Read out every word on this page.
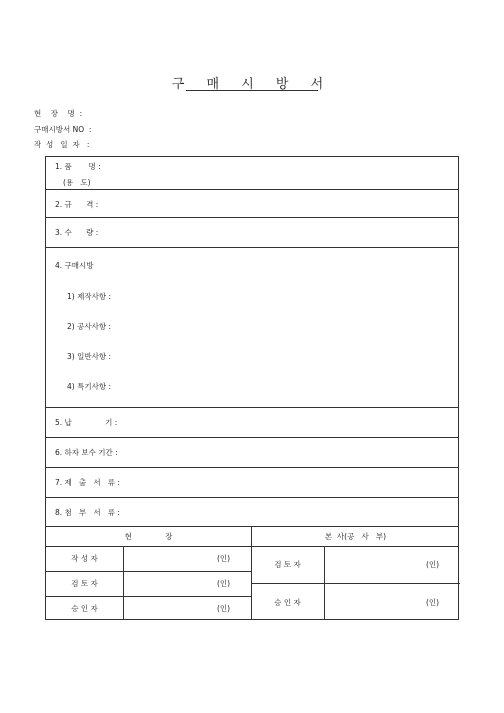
구 매 시 방 서
현    장    명  :
구매시방서 NO  :
작  성   일  자   :
1. 품       명 :
(용   도)
2. 규      격 :
3. 수      량 :
4. 구매시방
1) 제작사항 :
2) 공사사항 :
3) 일반사항 :
4) 특기사항 :
5. 납              기 :
6. 하자 보수 기간 :
7. 제   출   서   류 :
8. 첨   부   서   류 :
현              장	본  사(공   사   부)
작 성 자
검 토 자
승 인 자
(인)
(인)
(인)
검 토 자
승 인 자
(인)
(인)
